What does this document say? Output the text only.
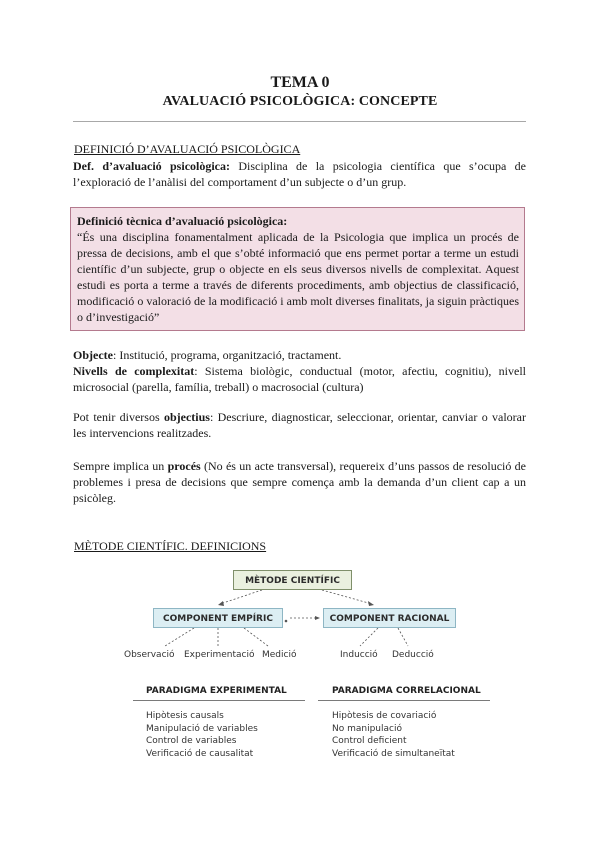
TEMA 0
AVALUACIÓ PSICOLÒGICA: CONCEPTE
DEFINICIÓ D’AVALUACIÓ PSICOLÒGICA
Def. d’avaluació psicològica: Disciplina de la psicologia científica que s’ocupa de l’exploració de l’anàlisi del comportament d’un subjecte o d’un grup.
Definició tècnica d’avaluació psicològica:
“És una disciplina fonamentalment aplicada de la Psicologia que implica un procés de pressa de decisions, amb el que s’obté informació que ens permet portar a terme un estudi científic d’un subjecte, grup o objecte en els seus diversos nivells de complexitat. Aquest estudi es porta a terme a través de diferents procediments, amb objectius de classificació, modificació o valoració de la modificació i amb molt diverses finalitats, ja siguin pràctiques o d’investigació”
Objecte: Institució, programa, organització, tractament.
Nivells de complexitat: Sistema biològic, conductual (motor, afectiu, cognitiu), nivell microsocial (parella, família, treball) o macrosocial (cultura)
Pot tenir diversos objectius: Descriure, diagnosticar, seleccionar, orientar, canviar o valorar les intervencions realitzades.
Sempre implica un procés (No és un acte transversal), requereix d’uns passos de resolució de problemes i presa de decisions que sempre comença amb la demanda d’un client cap a un psicòleg.
MÈTODE CIENTÍFIC. DEFINICIONS
MÈTODE CIENTÍFIC
COMPONENT EMPÍRIC	COMPONENT RACIONAL
Observació Experimentació Medició	Inducció Deducció
PARADIGMA EXPERIMENTAL
Hipòtesis causals
Manipulació de variables
Control de variables
Verificació de causalitat
PARADIGMA CORRELACIONAL
Hipòtesis de covariació
No manipulació
Control deficient
Verificació de simultaneïtat
